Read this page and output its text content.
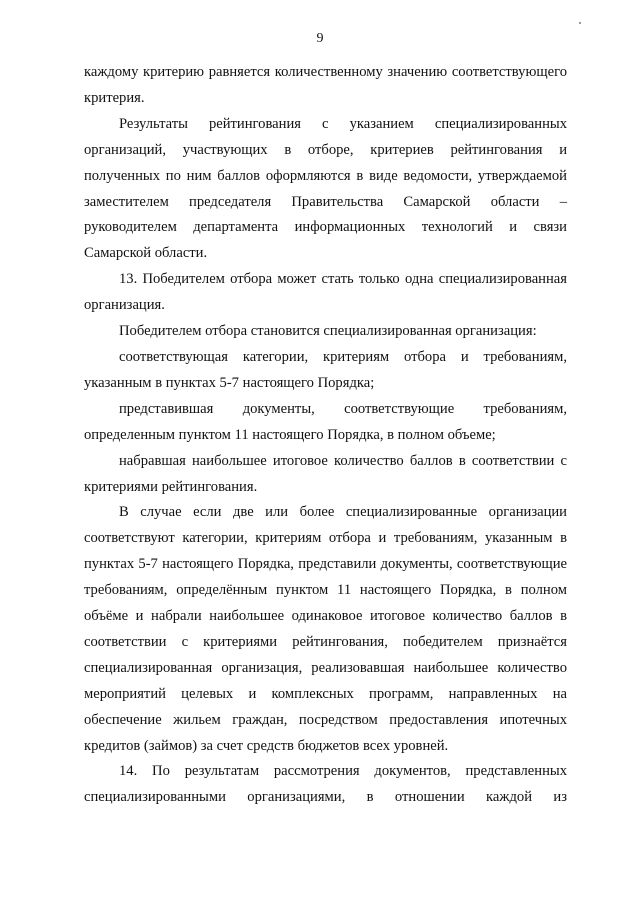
9

каждому критерию равняется количественному значению соответствующего критерия.

Результаты рейтингования с указанием специализированных организаций, участвующих в отборе, критериев рейтингования и полученных по ним баллов оформляются в виде ведомости, утверждаемой заместителем председателя Правительства Самарской области – руководителем департамента информационных технологий и связи Самарской области.

13. Победителем отбора может стать только одна специализированная организация.

Победителем отбора становится специализированная организация:

соответствующая категории, критериям отбора и требованиям, указанным в пунктах 5-7 настоящего Порядка;

представившая документы, соответствующие требованиям, определенным пунктом 11 настоящего Порядка, в полном объеме;

набравшая наибольшее итоговое количество баллов в соответствии с критериями рейтингования.

В случае если две или более специализированные организации соответствуют категории, критериям отбора и требованиям, указанным в пунктах 5-7 настоящего Порядка, представили документы, соответствующие требованиям, определённым пунктом 11 настоящего Порядка, в полном объёме и набрали наибольшее одинаковое итоговое количество баллов в соответствии с критериями рейтингования, победителем признаётся специализированная организация, реализовавшая наибольшее количество мероприятий целевых и комплексных программ, направленных на обеспечение жильем граждан, посредством предоставления ипотечных кредитов (займов) за счет средств бюджетов всех уровней.

14. По результатам рассмотрения документов, представленных специализированными организациями, в отношении каждой из
